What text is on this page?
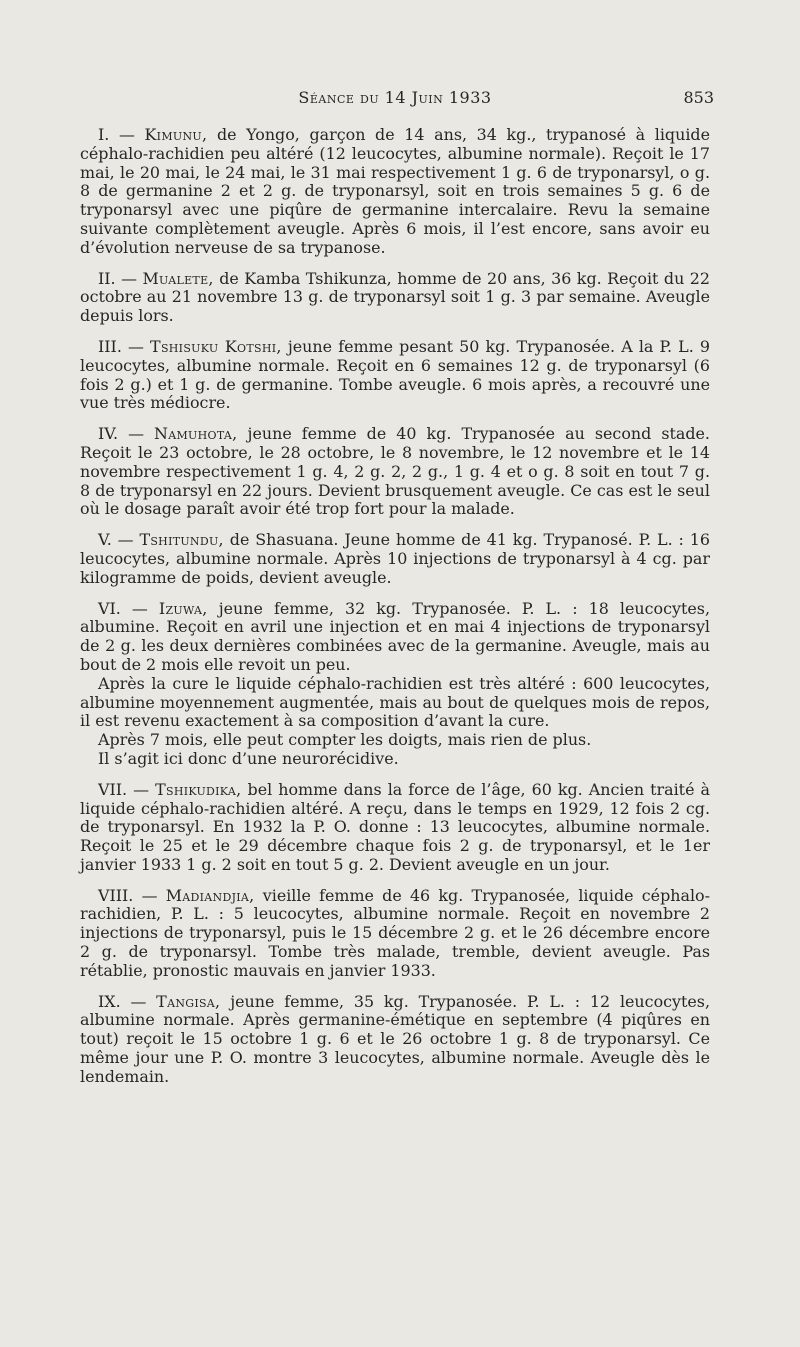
Séance du 14 Juin 1933	853

I. — Kimunu, de Yongo, garçon de 14 ans, 34 kg., trypanosé à liquide céphalo-rachidien peu altéré (12 leucocytes, albumine normale). Reçoit le 17 mai, le 20 mai, le 24 mai, le 31 mai respectivement 1 g. 6 de tryponarsyl, o g. 8 de germanine 2 et 2 g. de tryponarsyl, soit en trois semaines 5 g. 6 de tryponarsyl avec une piqûre de germanine intercalaire. Revu la semaine suivante complètement aveugle. Après 6 mois, il l’est encore, sans avoir eu d’évolution nerveuse de sa trypanose.

II. — Mualete, de Kamba Tshikunza, homme de 20 ans, 36 kg. Reçoit du 22 octobre au 21 novembre 13 g. de tryponarsyl soit 1 g. 3 par semaine. Aveugle depuis lors.

III. — Tshisuku Kotshi, jeune femme pesant 50 kg. Trypanosée. A la P. L. 9 leucocytes, albumine normale. Reçoit en 6 semaines 12 g. de tryponarsyl (6 fois 2 g.) et 1 g. de germanine. Tombe aveugle. 6 mois après, a recouvré une vue très médiocre.

IV. — Namuhota, jeune femme de 40 kg. Trypanosée au second stade. Reçoit le 23 octobre, le 28 octobre, le 8 novembre, le 12 novembre et le 14 novembre respectivement 1 g. 4, 2 g. 2, 2 g., 1 g. 4 et o g. 8 soit en tout 7 g. 8 de tryponarsyl en 22 jours. Devient brusquement aveugle. Ce cas est le seul où le dosage paraît avoir été trop fort pour la malade.

V. — Tshitundu, de Shasuana. Jeune homme de 41 kg. Trypanosé. P. L. : 16 leucocytes, albumine normale. Après 10 injections de tryponarsyl à 4 cg. par kilogramme de poids, devient aveugle.

VI. — Izuwa, jeune femme, 32 kg. Trypanosée. P. L. : 18 leucocytes, albumine. Reçoit en avril une injection et en mai 4 injections de tryponarsyl de 2 g. les deux dernières combinées avec de la germanine. Aveugle, mais au bout de 2 mois elle revoit un peu.

Après la cure le liquide céphalo-rachidien est très altéré : 600 leucocytes, albumine moyennement augmentée, mais au bout de quelques mois de repos, il est revenu exactement à sa composition d’avant la cure.

Après 7 mois, elle peut compter les doigts, mais rien de plus.

Il s’agit ici donc d’une neurorécidive.

VII. — Tshikudika, bel homme dans la force de l’âge, 60 kg. Ancien traité à liquide céphalo-rachidien altéré. A reçu, dans le temps en 1929, 12 fois 2 cg. de tryponarsyl. En 1932 la P. O. donne : 13 leucocytes, albumine normale. Reçoit le 25 et le 29 décembre chaque fois 2 g. de tryponarsyl, et le 1er janvier 1933 1 g. 2 soit en tout 5 g. 2. Devient aveugle en un jour.

VIII. — Madiandjia, vieille femme de 46 kg. Trypanosée, liquide céphalo-rachidien, P. L. : 5 leucocytes, albumine normale. Reçoit en novembre 2 injections de tryponarsyl, puis le 15 décembre 2 g. et le 26 décembre encore 2 g. de tryponarsyl. Tombe très malade, tremble, devient aveugle. Pas rétablie, pronostic mauvais en janvier 1933.

IX. — Tangisa, jeune femme, 35 kg. Trypanosée. P. L. : 12 leucocytes, albumine normale. Après germanine-émétique en septembre (4 piqûres en tout) reçoit le 15 octobre 1 g. 6 et le 26 octobre 1 g. 8 de tryponarsyl. Ce même jour une P. O. montre 3 leucocytes, albumine normale. Aveugle dès le lendemain.
